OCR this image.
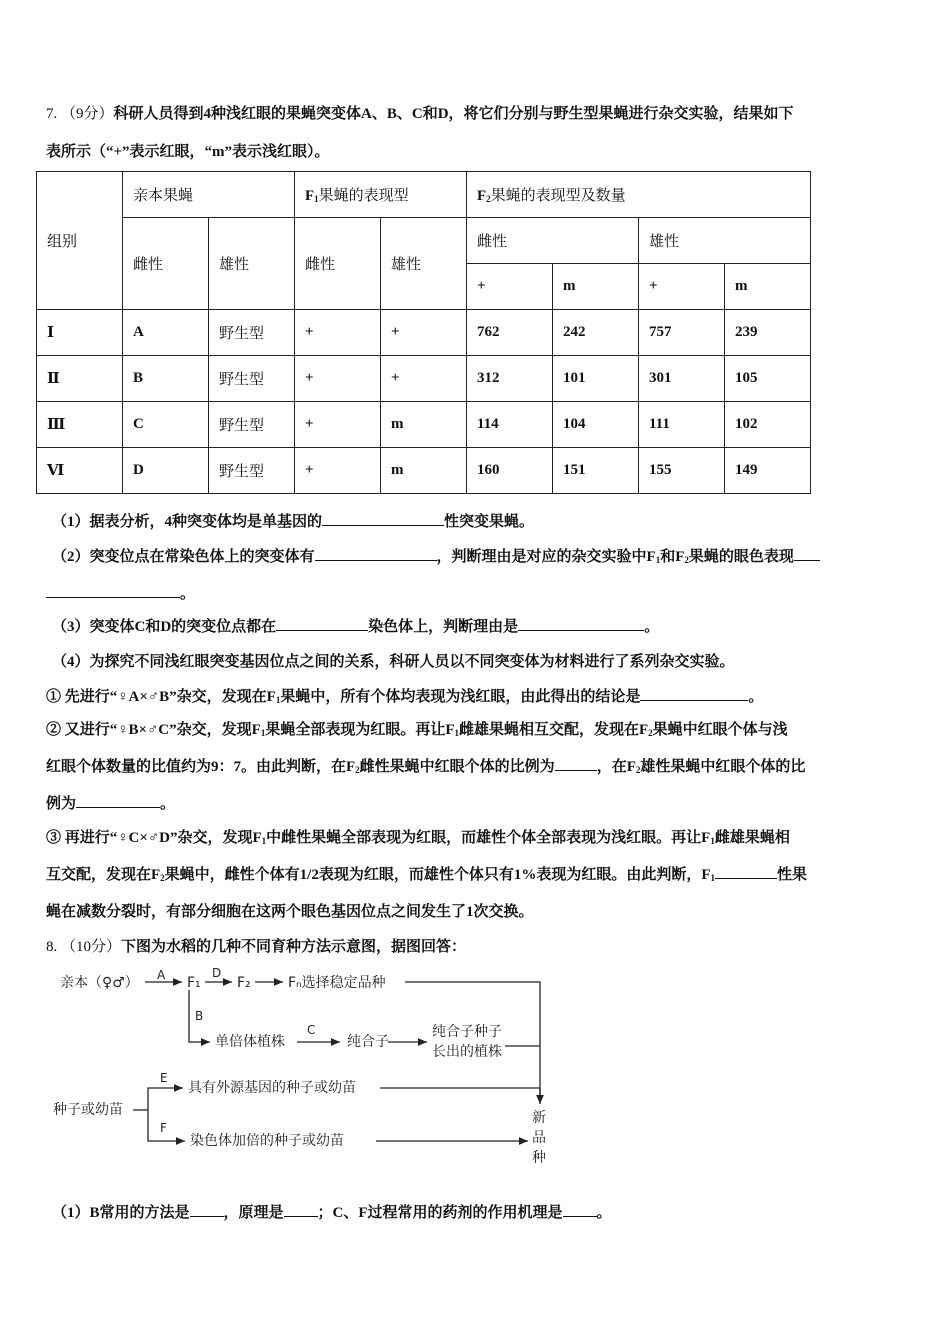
7. （9分）科研人员得到4种浅红眼的果蝇突变体A、B、C和D，将它们分别与野生型果蝇进行杂交实验，结果如下
表所示（“+”表示红眼，“m”表示浅红眼）。
组别	亲本果蝇		$F_1$果蝇的表现型		$F_2$果蝇的表现型及数量			
	雌性	雄性	雌性	雄性	雌性		雄性	
					+	m	+	m
Ⅰ	A	野生型	+	+	762	242	757	239
Ⅱ	B	野生型	+	+	312	101	301	105
Ⅲ	C	野生型	+	m	114	104	111	102
Ⅵ	D	野生型	+	m	160	151	155	149
（1）据表分析，4种突变体均是单基因的	性突变果蝇。
（2）突变位点在常染色体上的突变体有	，判断理由是对应的杂交实验中$F_1$和$F_2$果蝇的眼色表现
。
（3）突变体C和D的突变位点都在	染色体上，判断理由是	。
（4）为探究不同浅红眼突变基因位点之间的关系，科研人员以不同突变体为材料进行了系列杂交实验。
① 先进行“♀A×♂B”杂交，发现在$F_1$果蝇中，所有个体均表现为浅红眼，由此得出的结论是	。
② 又进行“♀B×♂C”杂交，发现$F_1$果蝇全部表现为红眼。再让$F_1$雌雄果蝇相互交配，发现在$F_2$果蝇中红眼个体与浅
红眼个体数量的比值约为9：7。由此判断，在$F_2$雌性果蝇中红眼个体的比例为	，在$F_2$雄性果蝇中红眼个体的比
例为	。
③ 再进行“♀C×♂D”杂交，发现$F_1$中雌性果蝇全部表现为红眼，而雄性个体全部表现为浅红眼。再让$F_1$雌雄果蝇相
互交配，发现在$F_2$果蝇中，雌性个体有1/2表现为红眼，而雄性个体只有1%表现为红眼。由此判断，$F_1$	性果
蝇在减数分裂时，有部分细胞在这两个眼色基因位点之间发生了1次交换。
8. （10分）下图为水稻的几种不同育种方法示意图，据图回答：
亲本（♀♂） A F₁
D
F₂	Fₙ选择稳定品种
B
单倍体植株
C
纯合子
纯合子种子
长出的植株
种子或幼苗
E
具有外源基因的种子或幼苗
F
染色体加倍的种子或幼苗
新
品
种
（1）B常用的方法是 ，原理是 ；C、F过程常用的药剂的作用机理是 。
